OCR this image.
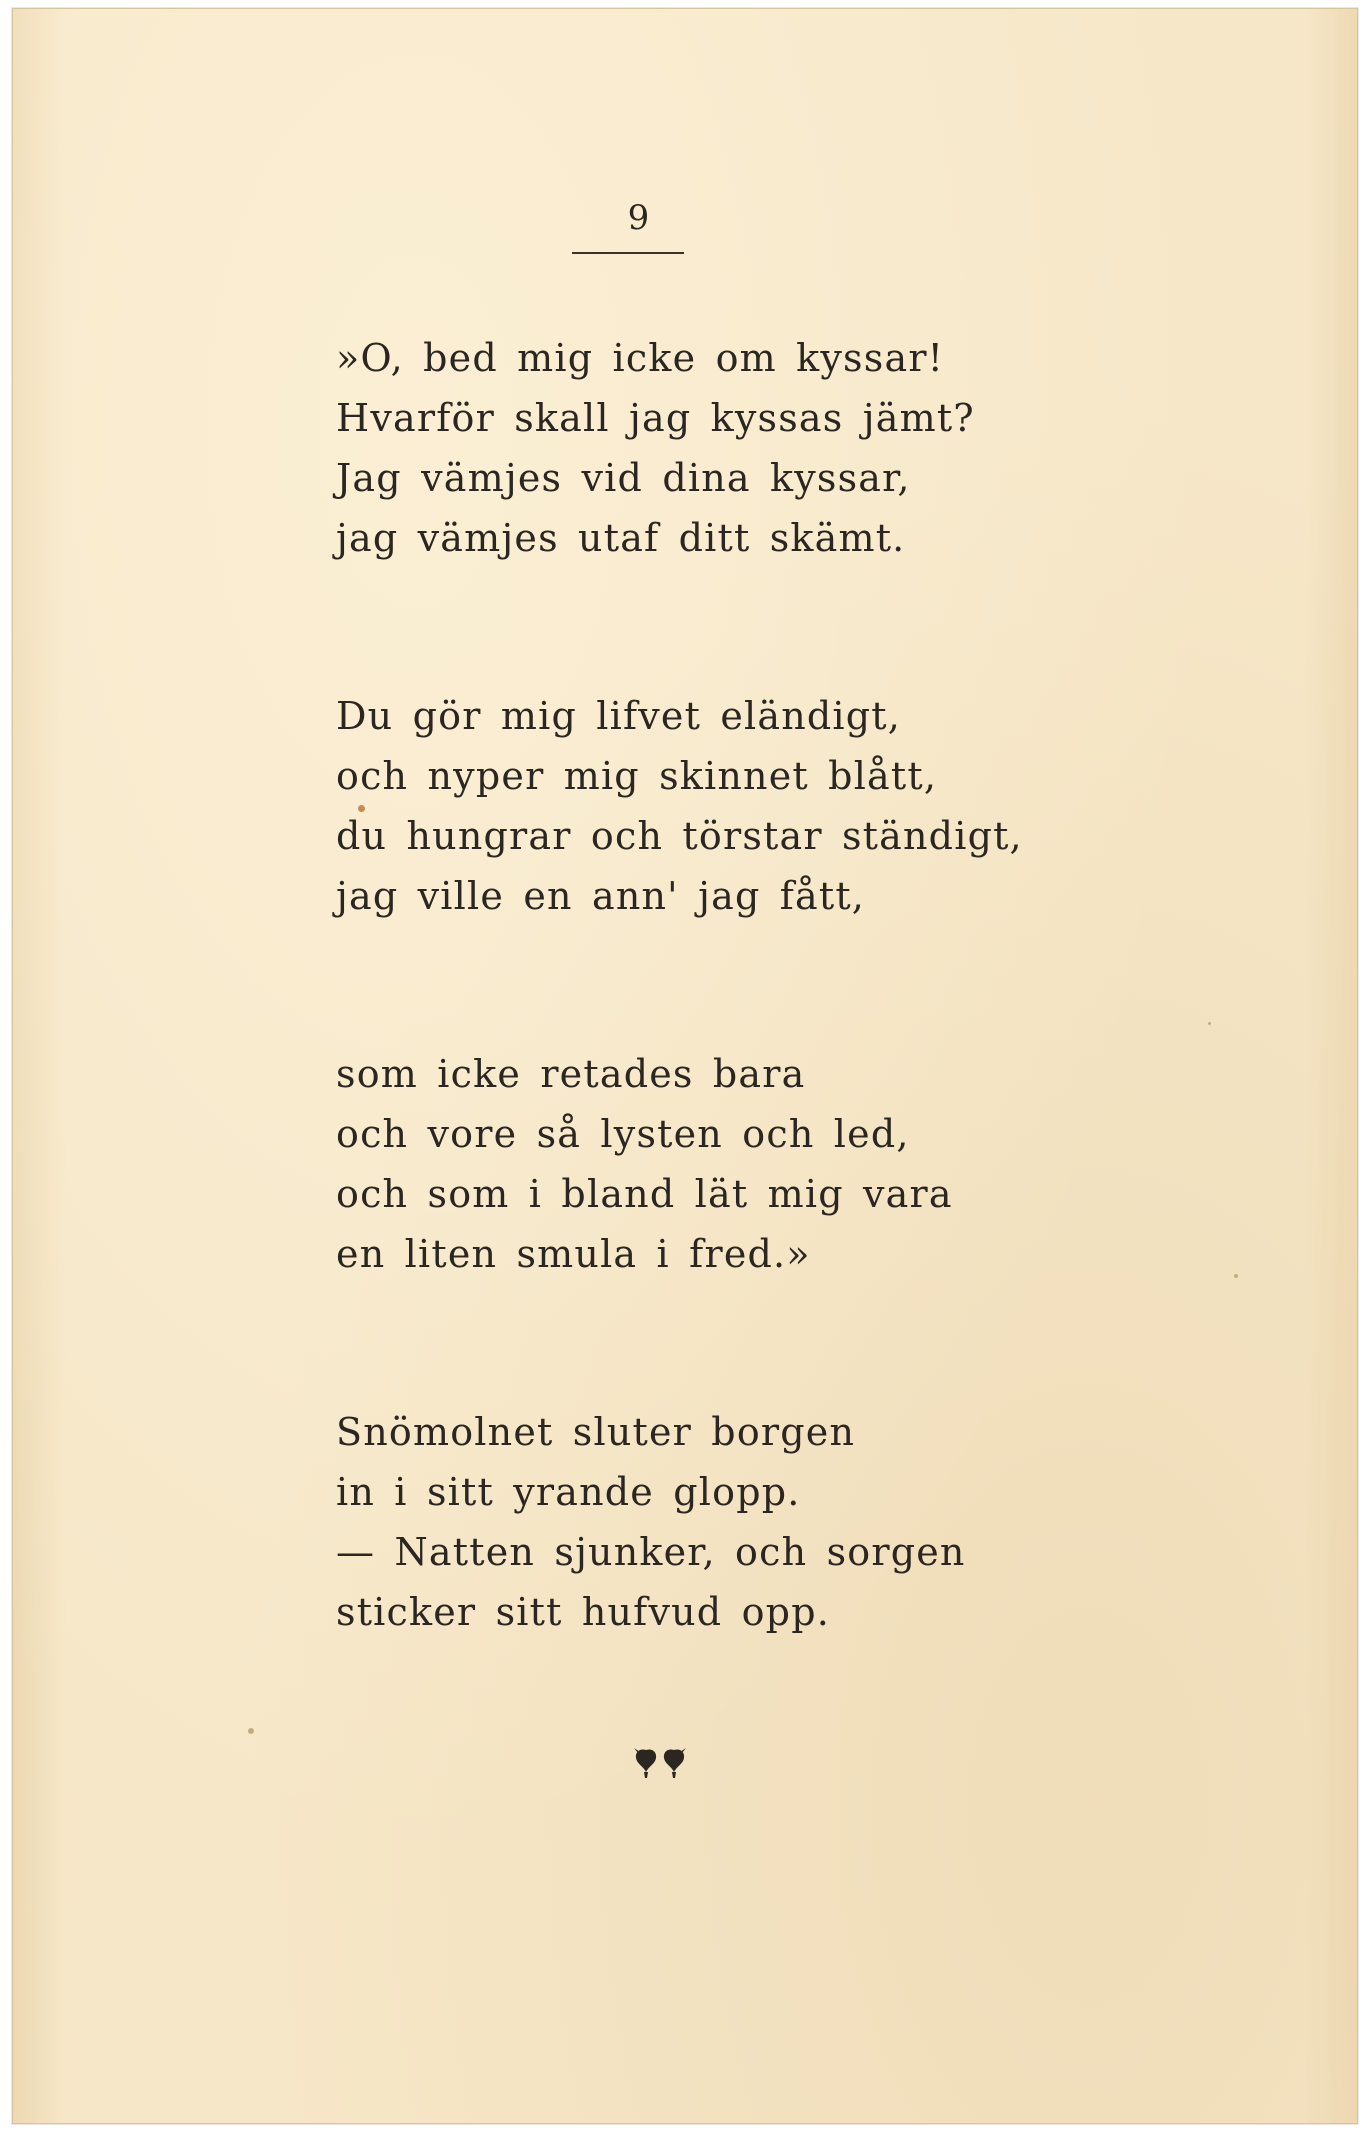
9

»O, bed mig icke om kyssar!
Hvarför skall jag kyssas jämt?
Jag vämjes vid dina kyssar,
jag vämjes utaf ditt skämt.

Du gör mig lifvet eländigt,
och nyper mig skinnet blått,
du hungrar och törstar ständigt,
jag ville en ann' jag fått,

som icke retades bara
och vore så lysten och led,
och som i bland lät mig vara
en liten smula i fred.»

Snömolnet sluter borgen
in i sitt yrande glopp.
— Natten sjunker, och sorgen
sticker sitt hufvud opp.
